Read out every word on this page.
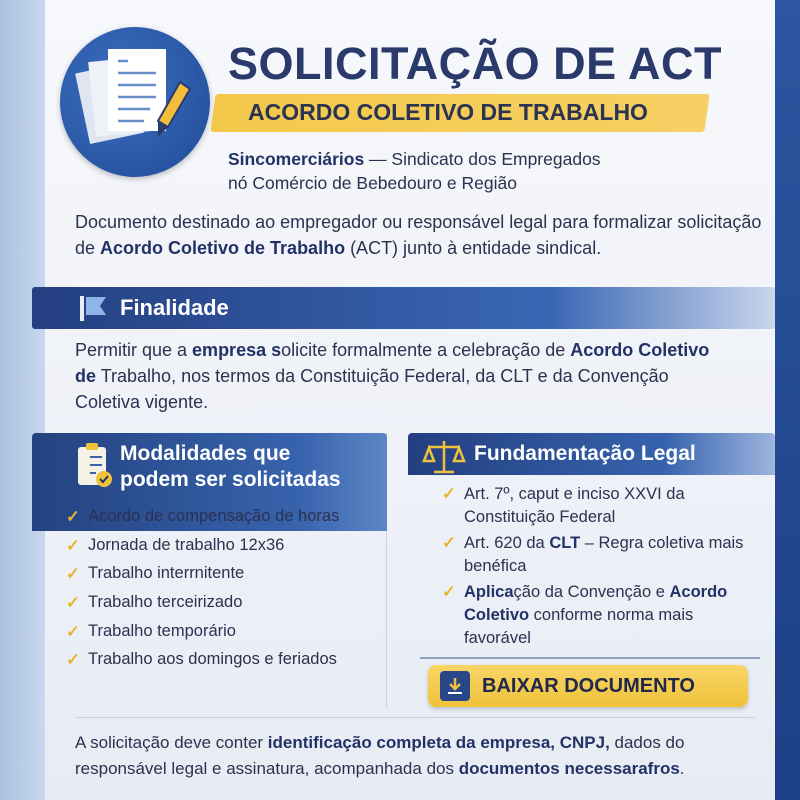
SOLICITAÇÃO DE ACT
ACORDO COLETIVO DE TRABALHO
Sincomerciários — Sindicato dos Empregados
nó Comércio de Bebedouro e Região
Documento destinado ao empregador ou responsável legal para formalizar solicitação de Acordo Coletivo de Trabalho (ACT) junto à entidade sindical.
Finalidade
Permitir que a empresa solicite formalmente a celebração de Acordo Coletivo de Trabalho, nos termos da Constituição Federal, da CLT e da Convenção Coletiva vigente.
Modalidades que
podem ser solicitadas
✓ Acordo de compensação de horas
✓ Jornada de trabalho 12x36
✓ Trabalho interrnitente
✓ Trabalho terceirizado
✓ Trabalho temporário
✓ Trabalho aos domingos e feriados
Fundamentação Legal
✓ Art. 7º, caput e inciso XXVI da Constituição Federal
✓ Art. 620 da CLT – Regra coletiva mais benéfica
✓ Aplicação da Convenção e Acordo Coletivo conforme norma mais favorável
BAIXAR DOCUMENTO
A solicitação deve conter identificação completa da empresa, CNPJ, dados do responsável legal e assinatura, acompanhada dos documentos necessarafros.
